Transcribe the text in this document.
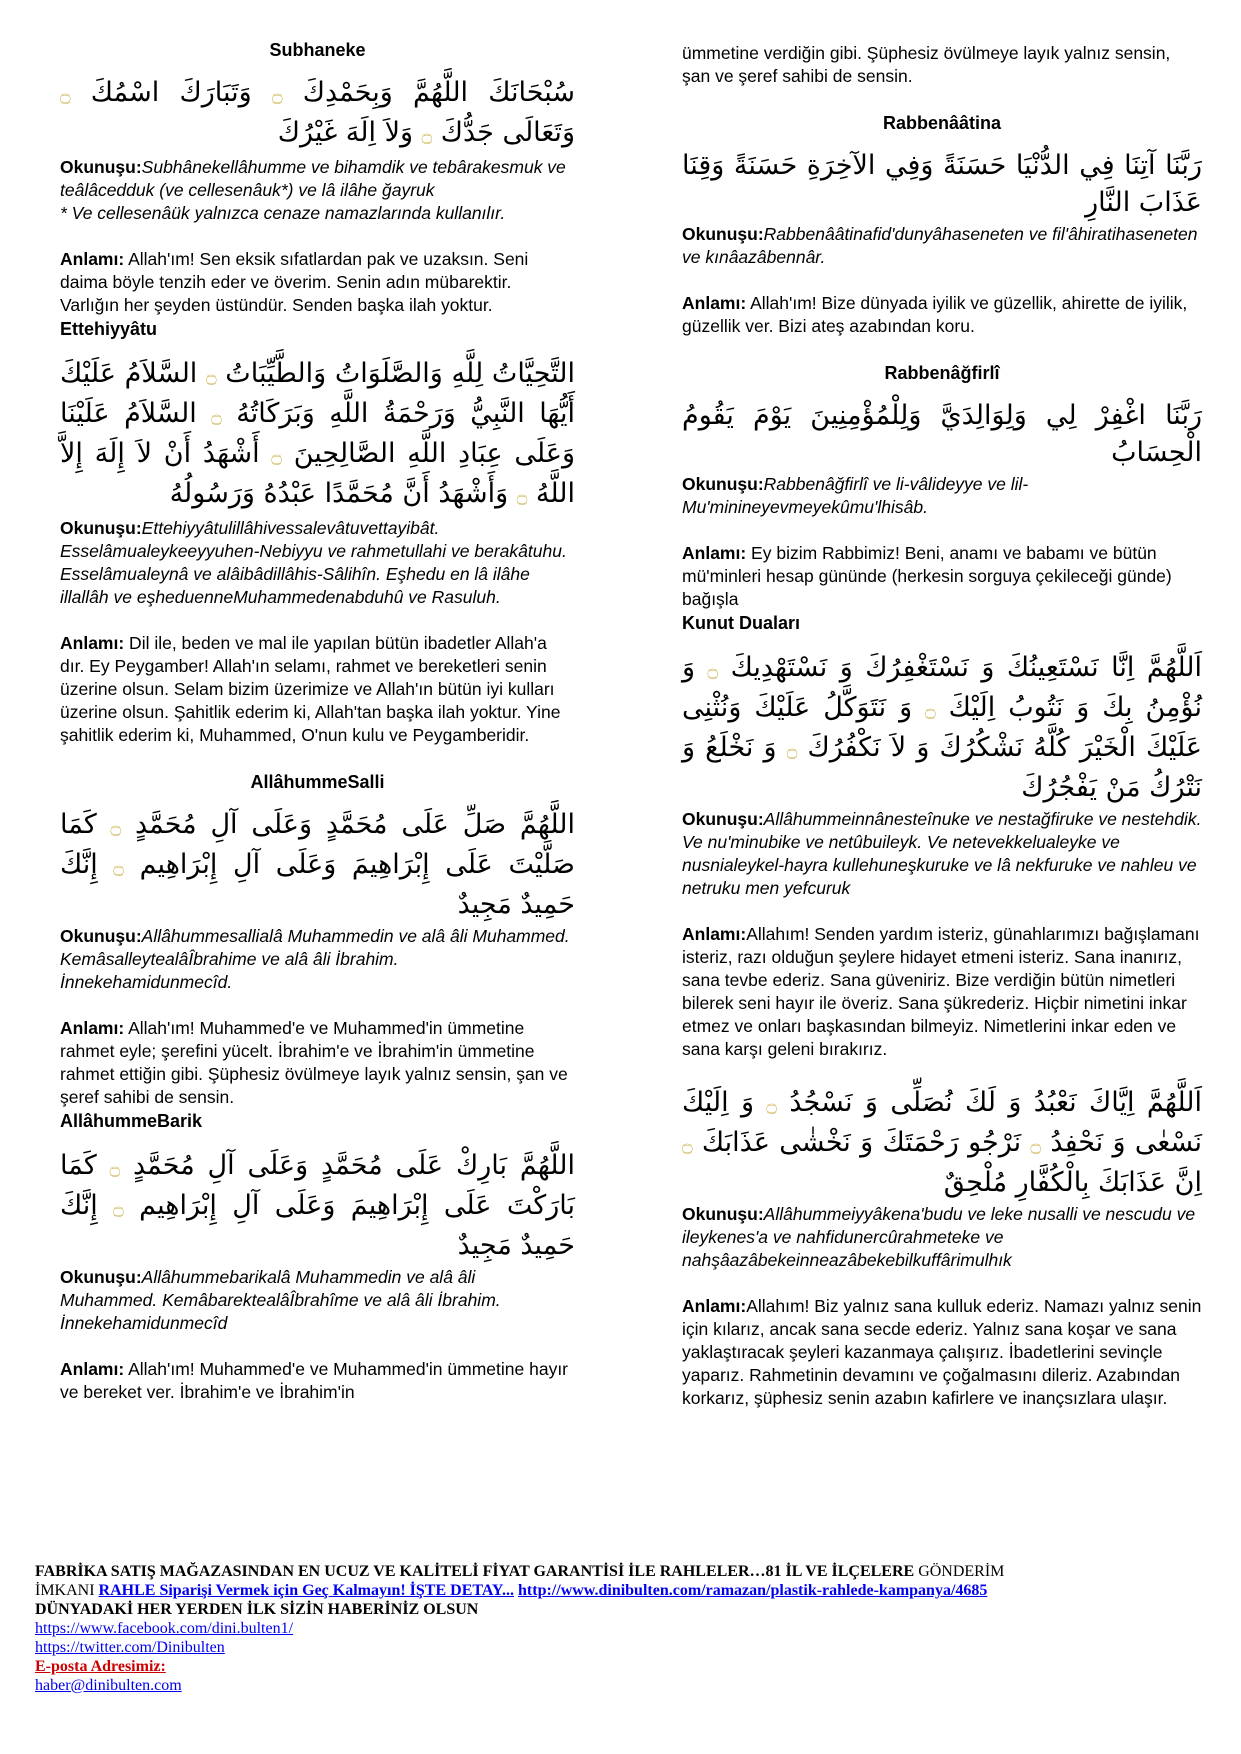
Subhaneke
سُبْحَانَكَ اللَّهُمَّ وَبِحَمْدِكَ ۝ وَتَبَارَكَ اسْمُكَ ۝ وَتَعَالَى جَدُّكَ ۝ وَلاَ اِلَهَ غَيْرُكَ

Okunuşu:Subhânekellâhumme ve bihamdik ve tebârakesmuk ve teâlâcedduk (ve cellesenâuk*) ve lâ ilâhe ğayruk

* Ve cellesenâük yalnızca cenaze namazlarında kullanılır.

Anlamı: Allah'ım! Sen eksik sıfatlardan pak ve uzaksın. Seni daima böyle tenzih eder ve överim. Senin adın mübarektir. Varlığın her şeyden üstündür. Senden başka ilah yoktur.

Ettehiyyâtu
التَّحِيَّاتُ لِلَّهِ وَالصَّلَوَاتُ وَالطَّيِّبَاتُ ۝ السَّلاَمُ عَلَيْكَ أَيُّهَا النَّبِيُّ وَرَحْمَةُ اللَّهِ وَبَرَكَاتُهُ ۝ السَّلاَمُ عَلَيْنَا وَعَلَى عِبَادِ اللَّهِ الصَّالِحِينَ ۝ أَشْهَدُ أَنْ لاَ إِلَهَ إِلاَّ اللَّهُ ۝ وَأَشْهَدُ أَنَّ مُحَمَّدًا عَبْدُهُ وَرَسُولُهُ

Okunuşu:Ettehiyyâtulillâhivessalevâtuvettayibât. Esselâmualeykeeyyuhen-Nebiyyu ve rahmetullahi ve berakâtuhu. Esselâmualeynâ ve alâibâdillâhis-Sâlihîn. Eşhedu en lâ ilâhe illallâh ve eşheduenneMuhammedenabduhû ve Rasuluh.

Anlamı: Dil ile, beden ve mal ile yapılan bütün ibadetler Allah'a dır. Ey Peygamber! Allah'ın selamı, rahmet ve bereketleri senin üzerine olsun. Selam bizim üzerimize ve Allah'ın bütün iyi kulları üzerine olsun. Şahitlik ederim ki, Allah'tan başka ilah yoktur. Yine şahitlik ederim ki, Muhammed, O'nun kulu ve Peygamberidir.

AllâhummeSalli
اللَّهُمَّ صَلِّ عَلَى مُحَمَّدٍ وَعَلَى آلِ مُحَمَّدٍ ۝ كَمَا صَلَّيْتَ عَلَى إِبْرَاهِيمَ وَعَلَى آلِ إِبْرَاهِيم ۝ إِنَّكَ حَمِيدٌ مَجِيدٌ

Okunuşu:Allâhummesallialâ Muhammedin ve alâ âli Muhammed. KemâsalleytealâÎbrahime ve alâ âli İbrahim. İnnekehamidunmecîd.

Anlamı: Allah'ım! Muhammed'e ve Muhammed'in ümmetine rahmet eyle; şerefini yücelt. İbrahim'e ve İbrahim'in ümmetine rahmet ettiğin gibi. Şüphesiz övülmeye layık yalnız sensin, şan ve şeref sahibi de sensin.

AllâhummeBarik
اللَّهُمَّ بَارِكْ عَلَى مُحَمَّدٍ وَعَلَى آلِ مُحَمَّدٍ ۝ كَمَا بَارَكْتَ عَلَى إِبْرَاهِيمَ وَعَلَى آلِ إِبْرَاهِيم ۝ إِنَّكَ حَمِيدٌ مَجِيدٌ

Okunuşu:Allâhummebarikalâ Muhammedin ve alâ âli Muhammed. KemâbarektealâÎbrahîme ve alâ âli İbrahim. İnnekehamidunmecîd

Anlamı: Allah'ım! Muhammed'e ve Muhammed'in ümmetine hayır ve bereket ver. İbrahim'e ve İbrahim'in

ümmetine verdiğin gibi. Şüphesiz övülmeye layık yalnız sensin, şan ve şeref sahibi de sensin.

Rabbenââtina
رَبَّنَا آتِنَا فِي الدُّنْيَا حَسَنَةً وَفِي الآخِرَةِ حَسَنَةً وَقِنَا عَذَابَ النَّارِ

Okunuşu:Rabbenââtinafid'dunyâhaseneten ve fil'âhiratihaseneten ve kınâazâbennâr.

Anlamı: Allah'ım! Bize dünyada iyilik ve güzellik, ahirette de iyilik, güzellik ver. Bizi ateş azabından koru.

Rabbenâğfirlî
رَبَّنَا اغْفِرْ لِي وَلِوَالِدَيَّ وَلِلْمُؤْمِنِينَ يَوْمَ يَقُومُ الْحِسَابُ

Okunuşu:Rabbenâğfirlî ve li-vâlideyye ve lil-Mu'minineyevmeyekûmu'lhisâb.

Anlamı: Ey bizim Rabbimiz! Beni, anamı ve babamı ve bütün mü'minleri hesap gününde (herkesin sorguya çekileceği günde) bağışla

Kunut Duaları
اَللَّهُمَّ اِنَّا نَسْتَعِينُكَ وَ نَسْتَغْفِرُكَ وَ نَسْتَهْدِيكَ ۝ وَ نُؤْمِنُ بِكَ وَ نَتُوبُ اِلَيْكَ ۝ وَ نَتَوَكَّلُ عَلَيْكَ وَنُثْنِى عَلَيْكَ الْخَيْرَ كُلَّهُ نَشْكُرُكَ وَ لاَ نَكْفُرُكَ ۝ وَ نَخْلَعُ وَ نَتْرُكُ مَنْ يَفْجُرُكَ

Okunuşu:Allâhummeinnânesteînuke ve nestağfiruke ve nestehdik. Ve nu'minubike ve netûbuileyk. Ve netevekkelualeyke ve nusnialeykel-hayra kullehuneşkuruke ve lâ nekfuruke ve nahleu ve netruku men yefcuruk

Anlamı:Allahım! Senden yardım isteriz, günahlarımızı bağışlamanı isteriz, razı olduğun şeylere hidayet etmeni isteriz. Sana inanırız, sana tevbe ederiz. Sana güveniriz. Bize verdiğin bütün nimetleri bilerek seni hayır ile överiz. Sana şükrederiz. Hiçbir nimetini inkar etmez ve onları başkasından bilmeyiz. Nimetlerini inkar eden ve sana karşı geleni bırakırız.

اَللَّهُمَّ اِيَّاكَ نَعْبُدُ وَ لَكَ نُصَلِّى وَ نَسْجُدُ ۝ وَ اِلَيْكَ نَسْعٰى وَ نَحْفِدُ ۝ نَرْجُو رَحْمَتَكَ وَ نَخْشٰى عَذَابَكَ ۝ اِنَّ عَذَابَكَ بِالْكُفَّارِ مُلْحِقٌ

Okunuşu:Allâhummeiyyâkena'budu ve leke nusalli ve nescudu ve ileykenes'a ve nahfidunercûrahmeteke ve nahşâazâbekeinneazâbekebilkuffârimulhık

Anlamı:Allahım! Biz yalnız sana kulluk ederiz. Namazı yalnız senin için kılarız, ancak sana secde ederiz. Yalnız sana koşar ve sana yaklaştıracak şeyleri kazanmaya çalışırız. İbadetlerini sevinçle yaparız. Rahmetinin devamını ve çoğalmasını dileriz. Azabından korkarız, şüphesiz senin azabın kafirlere ve inançsızlara ulaşır.

FABRİKA SATIŞ MAĞAZASINDAN EN UCUZ VE KALİTELİ FİYAT GARANTİSİ İLE RAHLELER…81 İL VE İLÇELERE GÖNDERİM
İMKANI RAHLE Siparişi Vermek için Geç Kalmayın! İŞTE DETAY... http://www.dinibulten.com/ramazan/plastik-rahlede-kampanya/4685
DÜNYADAKİ HER YERDEN İLK SİZİN HABERİNİZ OLSUN
https://www.facebook.com/dini.bulten1/
https://twitter.com/Dinibulten
E-posta Adresimiz:
haber@dinibulten.com
